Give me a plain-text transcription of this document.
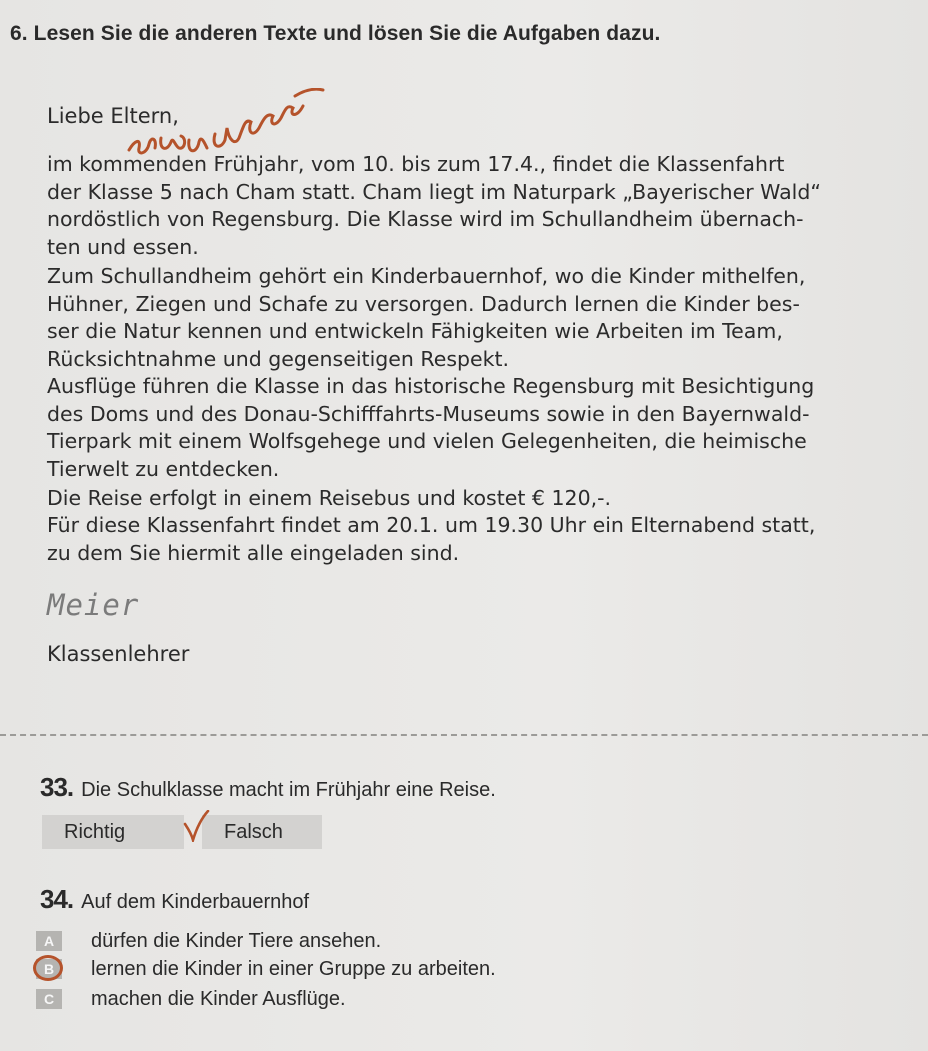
6. Lesen Sie die anderen Texte und lösen Sie die Aufgaben dazu.
Liebe Eltern,
im kommenden Frühjahr, vom 10. bis zum 17.4., findet die Klassenfahrt
der Klasse 5 nach Cham statt. Cham liegt im Naturpark „Bayerischer Wald“
nordöstlich von Regensburg. Die Klasse wird im Schullandheim übernach-
ten und essen.
Zum Schullandheim gehört ein Kinderbauernhof, wo die Kinder mithelfen,
Hühner, Ziegen und Schafe zu versorgen. Dadurch lernen die Kinder bes-
ser die Natur kennen und entwickeln Fähigkeiten wie Arbeiten im Team,
Rücksichtnahme und gegenseitigen Respekt.
Ausflüge führen die Klasse in das historische Regensburg mit Besichtigung
des Doms und des Donau-Schifffahrts-Museums sowie in den Bayernwald-
Tierpark mit einem Wolfsgehege und vielen Gelegenheiten, die heimische
Tierwelt zu entdecken.
Die Reise erfolgt in einem Reisebus und kostet € 120,-.
Für diese Klassenfahrt findet am 20.1. um 19.30 Uhr ein Elternabend statt,
zu dem Sie hiermit alle eingeladen sind.
Meier
Klassenlehrer
33. Die Schulklasse macht im Frühjahr eine Reise.
Richtig	Falsch
34. Auf dem Kinderbauernhof
A	dürfen die Kinder Tiere ansehen.
B	lernen die Kinder in einer Gruppe zu arbeiten.
C	machen die Kinder Ausflüge.
